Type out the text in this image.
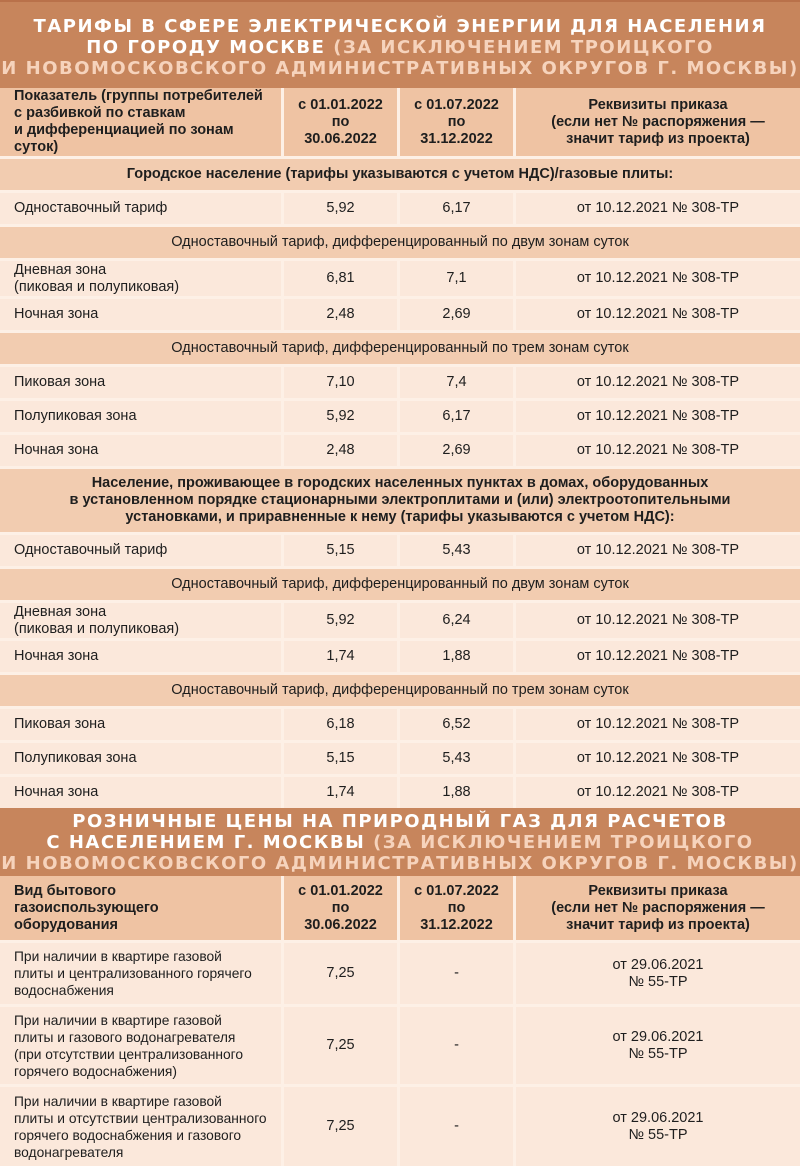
ТАРИФЫ В СФЕРЕ ЭЛЕКТРИЧЕСКОЙ ЭНЕРГИИ ДЛЯ НАСЕЛЕНИЯ
ПО ГОРОДУ МОСКВЕ (ЗА ИСКЛЮЧЕНИЕМ ТРОИЦКОГО
И НОВОМОСКОВСКОГО АДМИНИСТРАТИВНЫХ ОКРУГОВ Г. МОСКВЫ)
Показатель (группы потребителей
с разбивкой по ставкам
и дифференциацией по зонам суток)	с 01.01.2022
по 30.06.2022	с 01.07.2022
по 31.12.2022	Реквизиты приказа
(если нет № распоряжения —
значит тариф из проекта)

Городское население (тарифы указываются с учетом НДС)/газовые плиты:			
Одноставочный тариф	5,92	6,17	от 10.12.2021 № 308-ТР
Одноставочный тариф, дифференцированный по двум зонам суток			
Дневная зона
(пиковая и полупиковая)	6,81	7,1	от 10.12.2021 № 308-ТР
Ночная зона	2,48	2,69	от 10.12.2021 № 308-ТР
Одноставочный тариф, дифференцированный по трем зонам суток			
Пиковая зона	7,10	7,4	от 10.12.2021 № 308-ТР
Полупиковая зона	5,92	6,17	от 10.12.2021 № 308-ТР
Ночная зона	2,48	2,69	от 10.12.2021 № 308-ТР
Население, проживающее в городских населенных пунктах в домах, оборудованных
в установленном порядке стационарными электроплитами и (или) электроотопительными
установками, и приравненные к нему (тарифы указываются с учетом НДС):			
Одноставочный тариф	5,15	5,43	от 10.12.2021 № 308-ТР
Одноставочный тариф, дифференцированный по двум зонам суток			
Дневная зона
(пиковая и полупиковая)	5,92	6,24	от 10.12.2021 № 308-ТР
Ночная зона	1,74	1,88	от 10.12.2021 № 308-ТР
Одноставочный тариф, дифференцированный по трем зонам суток			
Пиковая зона	6,18	6,52	от 10.12.2021 № 308-ТР
Полупиковая зона	5,15	5,43	от 10.12.2021 № 308-ТР
Ночная зона	1,74	1,88	от 10.12.2021 № 308-ТР
РОЗНИЧНЫЕ ЦЕНЫ НА ПРИРОДНЫЙ ГАЗ ДЛЯ РАСЧЕТОВ
С НАСЕЛЕНИЕМ Г. МОСКВЫ (ЗА ИСКЛЮЧЕНИЕМ ТРОИЦКОГО
И НОВОМОСКОВСКОГО АДМИНИСТРАТИВНЫХ ОКРУГОВ Г. МОСКВЫ)
Вид бытового
газоиспользующего
оборудования	с 01.01.2022
по 30.06.2022	с 01.07.2022
по 31.12.2022	Реквизиты приказа
(если нет № распоряжения —
значит тариф из проекта)

При наличии в квартире газовой
плиты и централизованного горячего
водоснабжения	7,25	-	от 29.06.2021
№ 55-ТР
При наличии в квартире газовой
плиты и газового водонагревателя
(при отсутствии централизованного
горячего водоснабжения)	7,25	-	от 29.06.2021
№ 55-ТР
При наличии в квартире газовой
плиты и отсутствии централизованного
горячего водоснабжения и газового
водонагревателя	7,25	-	от 29.06.2021
№ 55-ТР
